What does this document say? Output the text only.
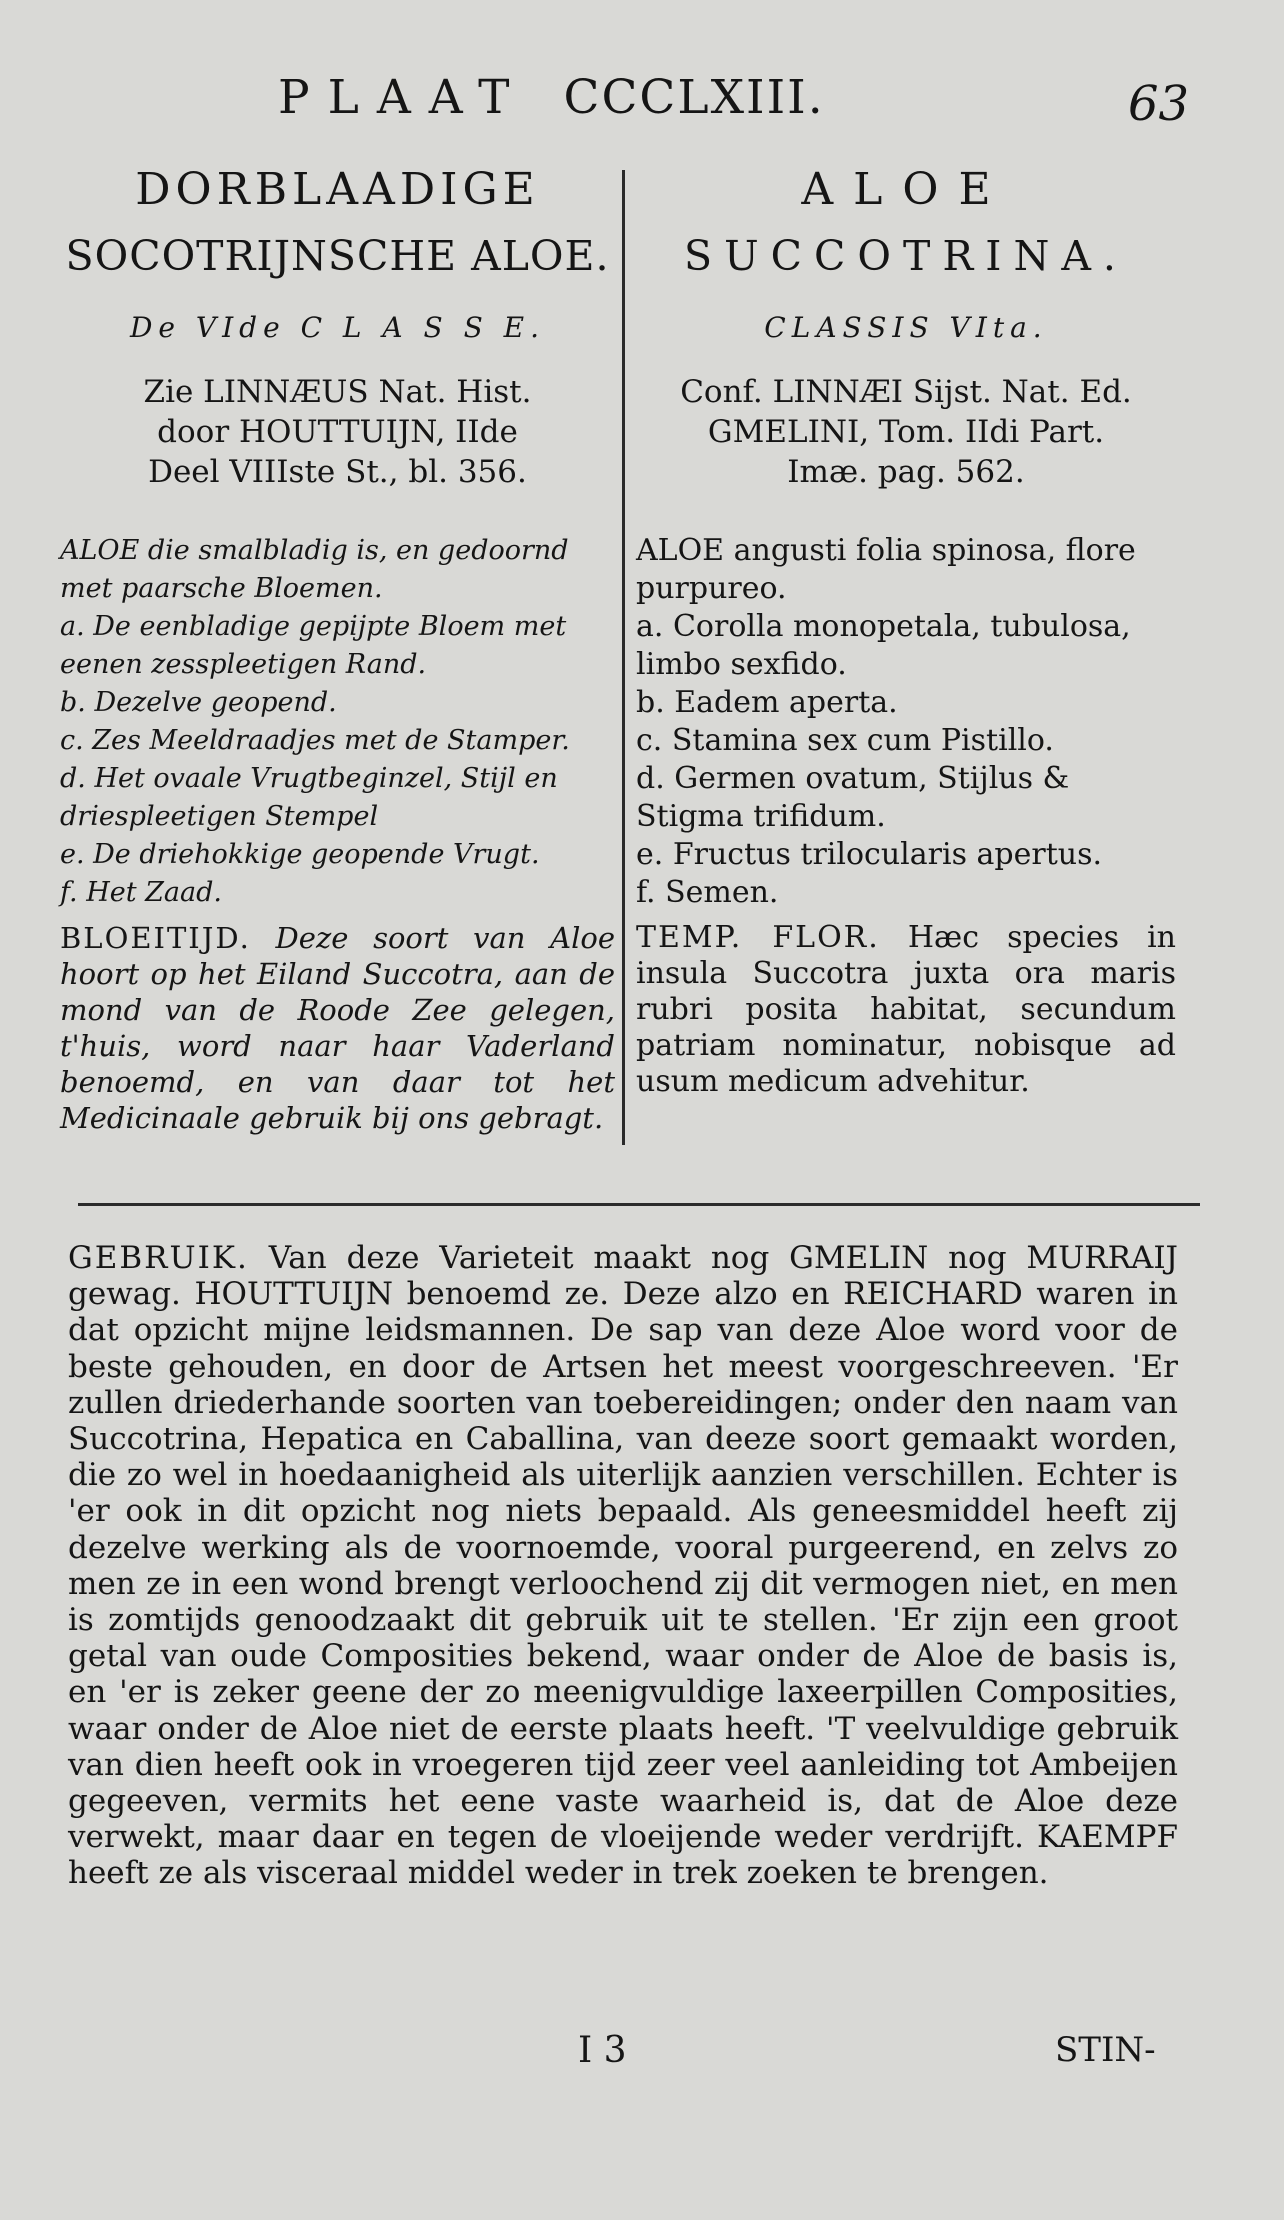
PLAAT CCCLXIII.	63
DORBLAADIGE
SOCOTRIJNSCHE ALOE.
De VIde C L A S S E.
Zie LINNÆUS Nat. Hist.
door HOUTTUIJN, IIde
Deel VIIIste St., bl. 356.
ALOE die smalbladig is, en gedoornd met paarsche Bloemen.
a. De eenbladige gepijpte Bloem met eenen zesspleetigen Rand.
b. Dezelve geopend.
c. Zes Meeldraadjes met de Stamper.
d. Het ovaale Vrugtbeginzel, Stijl en driespleetigen Stempel
e. De driehokkige geopende Vrugt.
f. Het Zaad.
BLOEITIJD. Deze soort van Aloe hoort op het Eiland Succotra, aan de mond van de Roode Zee gelegen, t'huis, word naar haar Vaderland benoemd, en van daar tot het Medicinaale gebruik bij ons gebragt.
ALOE
SUCCOTRINA.
CLASSIS VIta.
Conf. LINNÆI Sijst. Nat. Ed.
GMELINI, Tom. IIdi Part.
Imæ. pag. 562.
ALOE angusti folia spinosa, flore purpureo.
a. Corolla monopetala, tubulosa, limbo sexfido.
b. Eadem aperta.
c. Stamina sex cum Pistillo.
d. Germen ovatum, Stijlus & Stigma trifidum.
e. Fructus trilocularis apertus.
f. Semen.
TEMP. FLOR. Hæc species in insula Succotra juxta ora maris rubri posita habitat, secundum patriam nominatur, nobisque ad usum medicum advehitur.
GEBRUIK. Van deze Varieteit maakt nog GMELIN nog MURRAIJ gewag. HOUTTUIJN benoemd ze. Deze alzo en REICHARD waren in dat opzicht mijne leidsmannen. De sap van deze Aloe word voor de beste gehouden, en door de Artsen het meest voorgeschreeven. 'Er zullen driederhande soorten van toebereidingen; onder den naam van Succotrina, Hepatica en Caballina, van deeze soort gemaakt worden, die zo wel in hoedaanigheid als uiterlijk aanzien verschillen. Echter is 'er ook in dit opzicht nog niets bepaald. Als geneesmiddel heeft zij dezelve werking als de voornoemde, vooral purgeerend, en zelvs zo men ze in een wond brengt verloochend zij dit vermogen niet, en men is zomtijds genoodzaakt dit gebruik uit te stellen. 'Er zijn een groot getal van oude Composities bekend, waar onder de Aloe de basis is, en 'er is zeker geene der zo meenigvuldige laxeerpillen Composities, waar onder de Aloe niet de eerste plaats heeft. 'T veelvuldige gebruik van dien heeft ook in vroegeren tijd zeer veel aanleiding tot Ambeijen gegeeven, vermits het eene vaste waarheid is, dat de Aloe deze verwekt, maar daar en tegen de vloeijende weder verdrijft. KAEMPF heeft ze als visceraal middel weder in trek zoeken te brengen.
I 3	STIN-
